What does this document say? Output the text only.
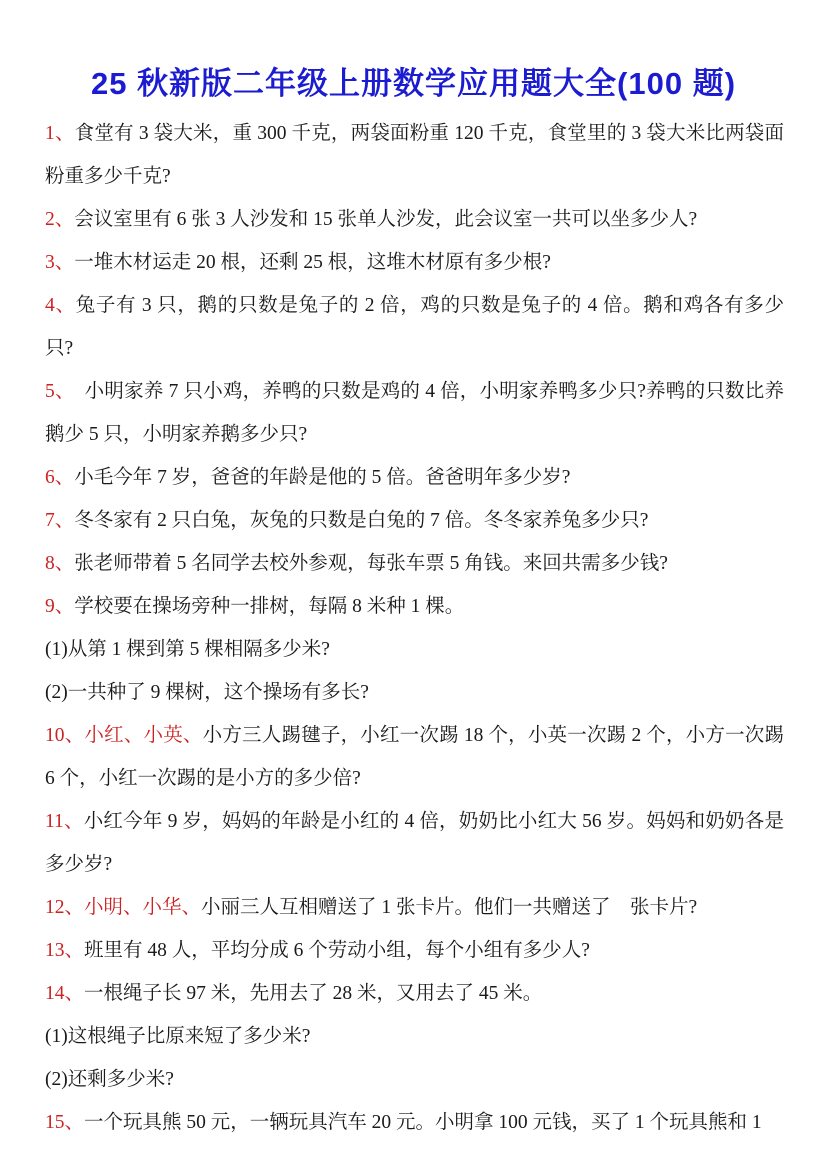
25 秋新版二年级上册数学应用题大全(100 题)

1、食堂有 3 袋大米，重 300 千克，两袋面粉重 120 千克，食堂里的 3 袋大米比两袋面粉重多少千克?

2、会议室里有 6 张 3 人沙发和 15 张单人沙发，此会议室一共可以坐多少人?

3、一堆木材运走 20 根，还剩 25 根，这堆木材原有多少根?

4、兔子有 3 只，鹅的只数是兔子的 2 倍，鸡的只数是兔子的 4 倍。鹅和鸡各有多少只?

5、　小明家养 7 只小鸡，养鸭的只数是鸡的 4 倍，小明家养鸭多少只?养鸭的只数比养鹅少 5 只，小明家养鹅多少只?

6、小毛今年 7 岁，爸爸的年龄是他的 5 倍。爸爸明年多少岁?

7、冬冬家有 2 只白兔，灰兔的只数是白兔的 7 倍。冬冬家养兔多少只?

8、张老师带着 5 名同学去校外参观，每张车票 5 角钱。来回共需多少钱?

9、学校要在操场旁种一排树，每隔 8 米种 1 棵。

(1)从第 1 棵到第 5 棵相隔多少米?

(2)一共种了 9 棵树，这个操场有多长?

10、小红、小英、小方三人踢毽子，小红一次踢 18 个，小英一次踢 2 个，小方一次踢 6 个，小红一次踢的是小方的多少倍?

11、小红今年 9 岁，妈妈的年龄是小红的 4 倍，奶奶比小红大 56 岁。妈妈和奶奶各是多少岁?

12、小明、小华、小丽三人互相赠送了 1 张卡片。他们一共赠送了　张卡片?

13、班里有 48 人，平均分成 6 个劳动小组，每个小组有多少人?

14、一根绳子长 97 米，先用去了 28 米，又用去了 45 米。

(1)这根绳子比原来短了多少米?

(2)还剩多少米?

15、一个玩具熊 50 元，一辆玩具汽车 20 元。小明拿 100 元钱，买了 1 个玩具熊和 1
